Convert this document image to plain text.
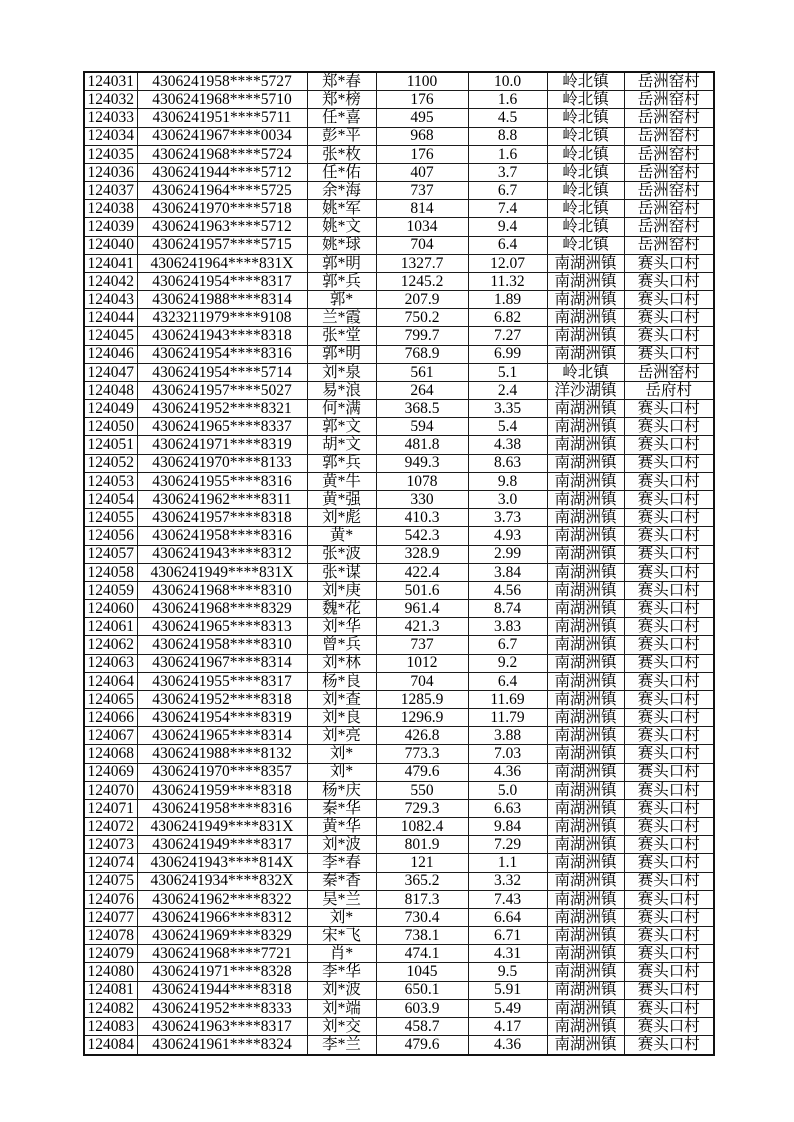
124031	4306241958****5727	郑*春	1100	10.0	岭北镇	岳洲窑村
124032	4306241968****5710	郑*榜	176	1.6	岭北镇	岳洲窑村
124033	4306241951****5711	任*喜	495	4.5	岭北镇	岳洲窑村
124034	4306241967****0034	彭*平	968	8.8	岭北镇	岳洲窑村
124035	4306241968****5724	张*枚	176	1.6	岭北镇	岳洲窑村
124036	4306241944****5712	任*佑	407	3.7	岭北镇	岳洲窑村
124037	4306241964****5725	余*海	737	6.7	岭北镇	岳洲窑村
124038	4306241970****5718	姚*军	814	7.4	岭北镇	岳洲窑村
124039	4306241963****5712	姚*文	1034	9.4	岭北镇	岳洲窑村
124040	4306241957****5715	姚*球	704	6.4	岭北镇	岳洲窑村
124041	4306241964****831X	郭*明	1327.7	12.07	南湖洲镇	赛头口村
124042	4306241954****8317	郭*兵	1245.2	11.32	南湖洲镇	赛头口村
124043	4306241988****8314	郭*	207.9	1.89	南湖洲镇	赛头口村
124044	4323211979****9108	兰*霞	750.2	6.82	南湖洲镇	赛头口村
124045	4306241943****8318	张*堂	799.7	7.27	南湖洲镇	赛头口村
124046	4306241954****8316	郭*明	768.9	6.99	南湖洲镇	赛头口村
124047	4306241954****5714	刘*泉	561	5.1	岭北镇	岳洲窑村
124048	4306241957****5027	易*浪	264	2.4	洋沙湖镇	岳府村
124049	4306241952****8321	何*满	368.5	3.35	南湖洲镇	赛头口村
124050	4306241965****8337	郭*文	594	5.4	南湖洲镇	赛头口村
124051	4306241971****8319	胡*文	481.8	4.38	南湖洲镇	赛头口村
124052	4306241970****8133	郭*兵	949.3	8.63	南湖洲镇	赛头口村
124053	4306241955****8316	黄*牛	1078	9.8	南湖洲镇	赛头口村
124054	4306241962****8311	黄*强	330	3.0	南湖洲镇	赛头口村
124055	4306241957****8318	刘*彪	410.3	3.73	南湖洲镇	赛头口村
124056	4306241958****8316	黄*	542.3	4.93	南湖洲镇	赛头口村
124057	4306241943****8312	张*波	328.9	2.99	南湖洲镇	赛头口村
124058	4306241949****831X	张*谋	422.4	3.84	南湖洲镇	赛头口村
124059	4306241968****8310	刘*庚	501.6	4.56	南湖洲镇	赛头口村
124060	4306241968****8329	魏*花	961.4	8.74	南湖洲镇	赛头口村
124061	4306241965****8313	刘*华	421.3	3.83	南湖洲镇	赛头口村
124062	4306241958****8310	曾*兵	737	6.7	南湖洲镇	赛头口村
124063	4306241967****8314	刘*林	1012	9.2	南湖洲镇	赛头口村
124064	4306241955****8317	杨*良	704	6.4	南湖洲镇	赛头口村
124065	4306241952****8318	刘*查	1285.9	11.69	南湖洲镇	赛头口村
124066	4306241954****8319	刘*良	1296.9	11.79	南湖洲镇	赛头口村
124067	4306241965****8314	刘*亮	426.8	3.88	南湖洲镇	赛头口村
124068	4306241988****8132	刘*	773.3	7.03	南湖洲镇	赛头口村
124069	4306241970****8357	刘*	479.6	4.36	南湖洲镇	赛头口村
124070	4306241959****8318	杨*庆	550	5.0	南湖洲镇	赛头口村
124071	4306241958****8316	秦*华	729.3	6.63	南湖洲镇	赛头口村
124072	4306241949****831X	黄*华	1082.4	9.84	南湖洲镇	赛头口村
124073	4306241949****8317	刘*波	801.9	7.29	南湖洲镇	赛头口村
124074	4306241943****814X	李*春	121	1.1	南湖洲镇	赛头口村
124075	4306241934****832X	秦*香	365.2	3.32	南湖洲镇	赛头口村
124076	4306241962****8322	吴*兰	817.3	7.43	南湖洲镇	赛头口村
124077	4306241966****8312	刘*	730.4	6.64	南湖洲镇	赛头口村
124078	4306241969****8329	宋*飞	738.1	6.71	南湖洲镇	赛头口村
124079	4306241968****7721	肖*	474.1	4.31	南湖洲镇	赛头口村
124080	4306241971****8328	李*华	1045	9.5	南湖洲镇	赛头口村
124081	4306241944****8318	刘*波	650.1	5.91	南湖洲镇	赛头口村
124082	4306241952****8333	刘*端	603.9	5.49	南湖洲镇	赛头口村
124083	4306241963****8317	刘*交	458.7	4.17	南湖洲镇	赛头口村
124084	4306241961****8324	李*兰	479.6	4.36	南湖洲镇	赛头口村
